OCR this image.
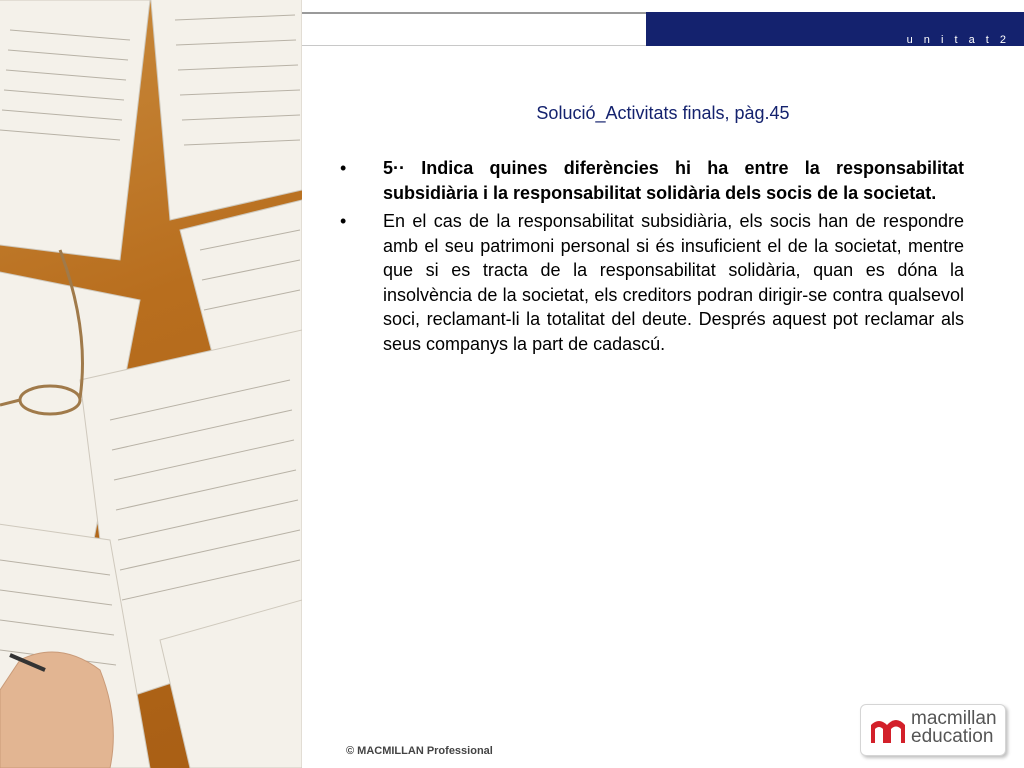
u n i t a t 2
Solució_Activitats finals, pàg.45
•	5·· Indica quines diferències hi ha entre la responsabilitat subsidiària i la responsabilitat solidària dels socis de la societat.
•	En el cas de la responsabilitat subsidiària, els socis han de respondre amb el seu patrimoni personal si és insuficient el de la societat, mentre que si es tracta de la responsabilitat solidària, quan es dóna la insolvència de la societat, els creditors podran dirigir-se contra qualsevol soci, reclamant-li la totalitat del deute. Després aquest pot reclamar als seus companys la part de cadascú.
© MACMILLAN Professional
macmillan
education
